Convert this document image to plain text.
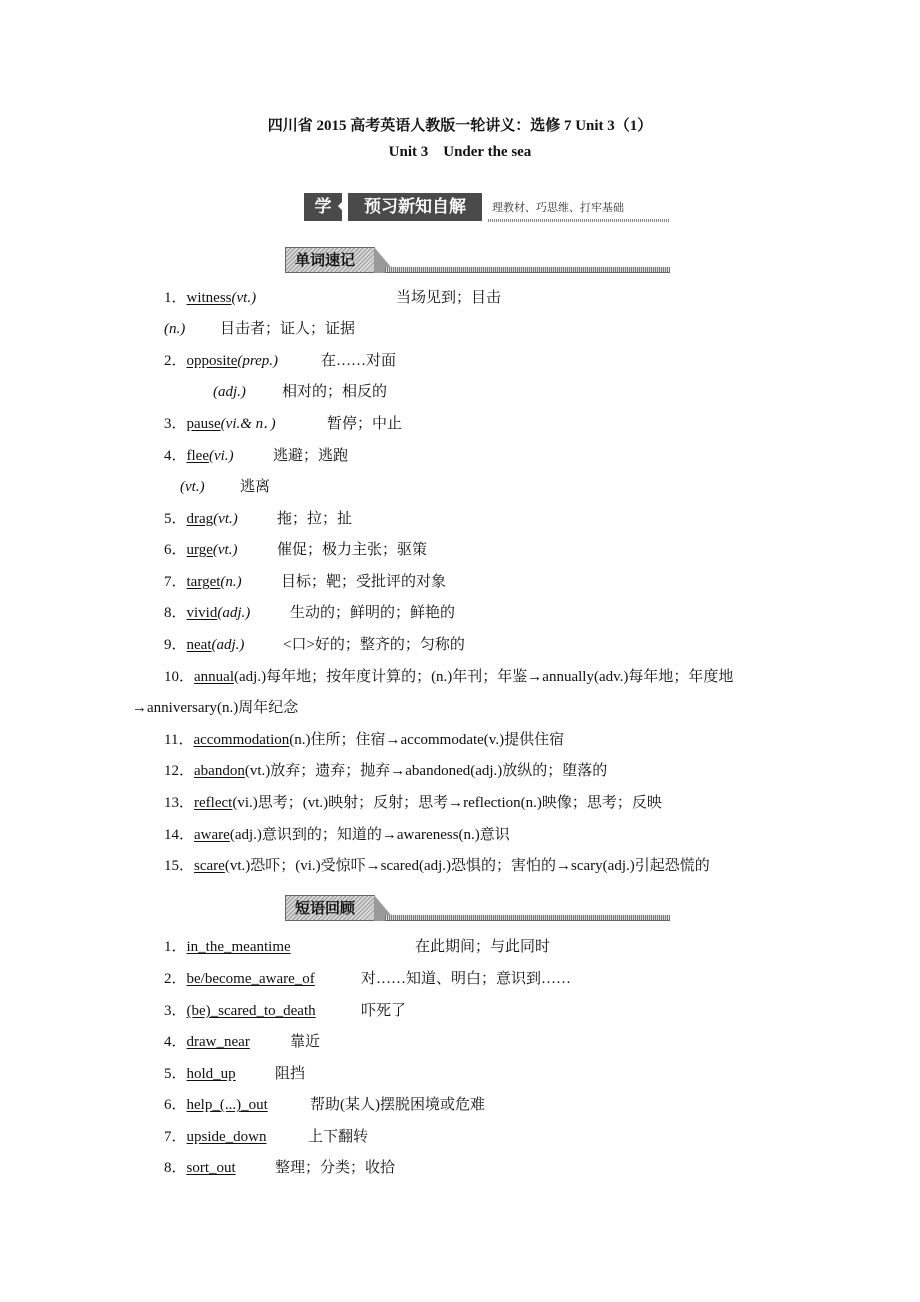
四川省 2015 高考英语人教版一轮讲义：选修 7 Unit 3（1）
Unit 3    Under the sea
学	预习新知自解	理教材、巧思维、打牢基础
单词速记
1．witness(vt.)	当场见到；目击
(n.) 目击者；证人；证据
2．opposite(prep.)	在……对面
(adj.) 相对的；相反的
3．pause(vi.& n．)	暂停；中止
4．flee(vi.)	逃避；逃跑
(vt.) 逃离
5．drag(vt.)	拖；拉；扯
6．urge(vt.)	催促；极力主张；驱策
7．target(n.)	目标；靶；受批评的对象
8．vivid(adj.)	生动的；鲜明的；鲜艳的
9．neat(adj.)	<口>好的；整齐的；匀称的
10．annual(adj.)每年地；按年度计算的；(n.)年刊；年鉴→annually(adv.)每年地；年度地
→anniversary(n.)周年纪念
11．accommodation(n.)住所；住宿→accommodate(v.)提供住宿
12．abandon(vt.)放弃；遗弃；抛弃→abandoned(adj.)放纵的；堕落的
13．reflect(vi.)思考；(vt.)映射；反射；思考→reflection(n.)映像；思考；反映
14．aware(adj.)意识到的；知道的→awareness(n.)意识
15．scare(vt.)恐吓；(vi.)受惊吓→scared(adj.)恐惧的；害怕的→scary(adj.)引起恐慌的
短语回顾
1．in_the_meantime	在此期间；与此同时
2．be/become_aware_of	对……知道、明白；意识到……
3．(be)_scared_to_death	吓死了
4．draw_near	靠近
5．hold_up	阻挡
6．help_(...)_out	帮助(某人)摆脱困境或危难
7．upside_down	上下翻转
8．sort_out	整理；分类；收拾
